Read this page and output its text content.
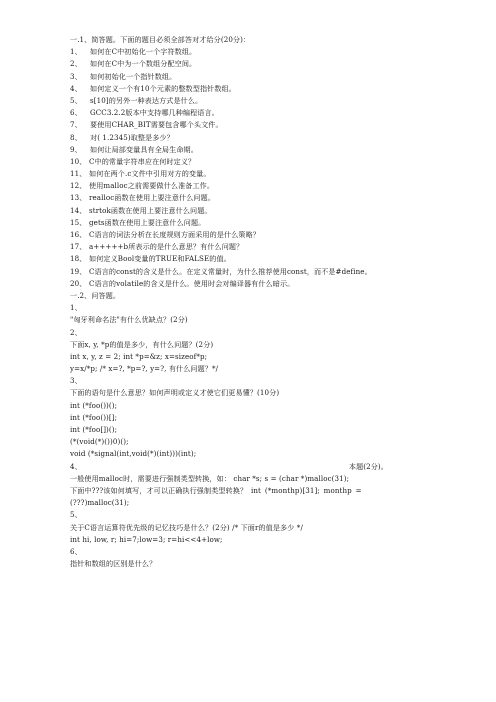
一.1、简答题。下面的题目必须全部答对才给分(20分)：
1、 如何在C中初始化一个字符数组。
2、 如何在C中为一个数组分配空间。
3、 如何初始化一个指针数组。
4、 如何定义一个有10个元素的整数型指针数组。
5、 s[10]的另外一种表达方式是什么。
6、 GCC3.2.2版本中支持哪几种编程语言。
7、 要使用CHAR_BIT需要包含哪个头文件。
8、 对( 1.2345)取整是多少？
9、 如何让局部变量具有全局生命期。
10、 C中的常量字符串应在何时定义？
11、 如何在两个.c文件中引用对方的变量。
12、 使用malloc之前需要做什么准备工作。
13、 realloc函数在使用上要注意什么问题。
14、 strtok函数在使用上要注意什么问题。
15、 gets函数在使用上要注意什么问题。
16、 C语言的词法分析在长度规则方面采用的是什么策略？
17、 a+++++b所表示的是什么意思？有什么问题？
18、 如何定义Bool变量的TRUE和FALSE的值。
19、 C语言的const的含义是什么。在定义常量时，为什么推荐使用const，而不是#define。
20、 C语言的volatile的含义是什么。使用时会对编译器有什么暗示。
一.2、问答题。
1、
"匈牙利命名法"有什么优缺点？(2分)
2、
下面x, y, *p的值是多少，有什么问题？(2分)
int x, y, z = 2; int *p=&z; x=sizeof*p;
y=x/*p; /* x=?, *p=?, y=?, 有什么问题？*/
3、
下面的语句是什么意思？如何声明或定义才使它们更易懂？(10分)
int (*foo())();
int (*foo())[];
int (*foo[])();
(*(void(*)())0)();
void (*signal(int,void(*)(int)))(int);
4、	本题(2分)。
一般使用malloc时，需要进行强制类型转换，如： char *s; s = (char *)malloc(31);
下面中???该如何填写，才可以正确执行强制类型转换？ int (*monthp)[31]; monthp =
(???)malloc(31);
5、
关于C语言运算符优先级的记忆技巧是什么？(2分) /* 下面r的值是多少 */
int hi, low, r; hi=7;low=3; r=hi<<4+low;
6、
指针和数组的区别是什么？
